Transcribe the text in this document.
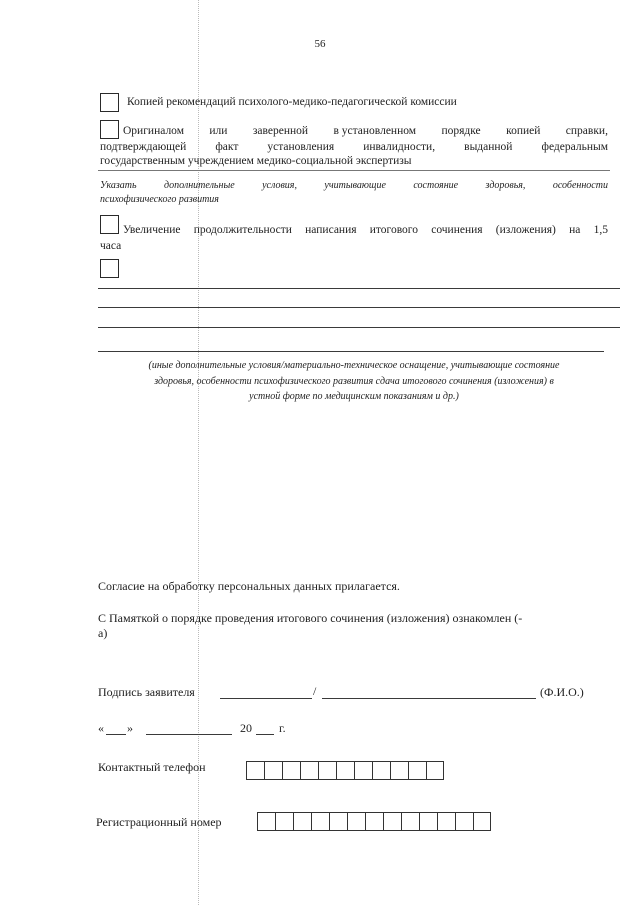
56
Копией рекомендаций психолого-медико-педагогической комиссии
Оригиналом или заверенной в установленном порядке копией справки,
подтверждающей	факт	установления	инвалидности,	выданной	федеральным
государственным учреждением медико-социальной экспертизы
Указать	дополнительные	условия,	учитывающие	состояние	здоровья,	особенности
психофизического развития
Увеличение продолжительности написания итогового сочинения (изложения) на 1,5
часа
(иные дополнительные условия/материально-техническое оснащение, учитывающие состояние
здоровья, особенности психофизического развития сдача итогового сочинения (изложения) в
устной форме по медицинским показаниям и др.)
Согласие на обработку персональных данных прилагается.
С Памяткой о порядке проведения итогового сочинения (изложения) ознакомлен (-
а)
Подпись заявителя	/	(Ф.И.О.)
« »	20 г.
Контактный телефон
Регистрационный номер
